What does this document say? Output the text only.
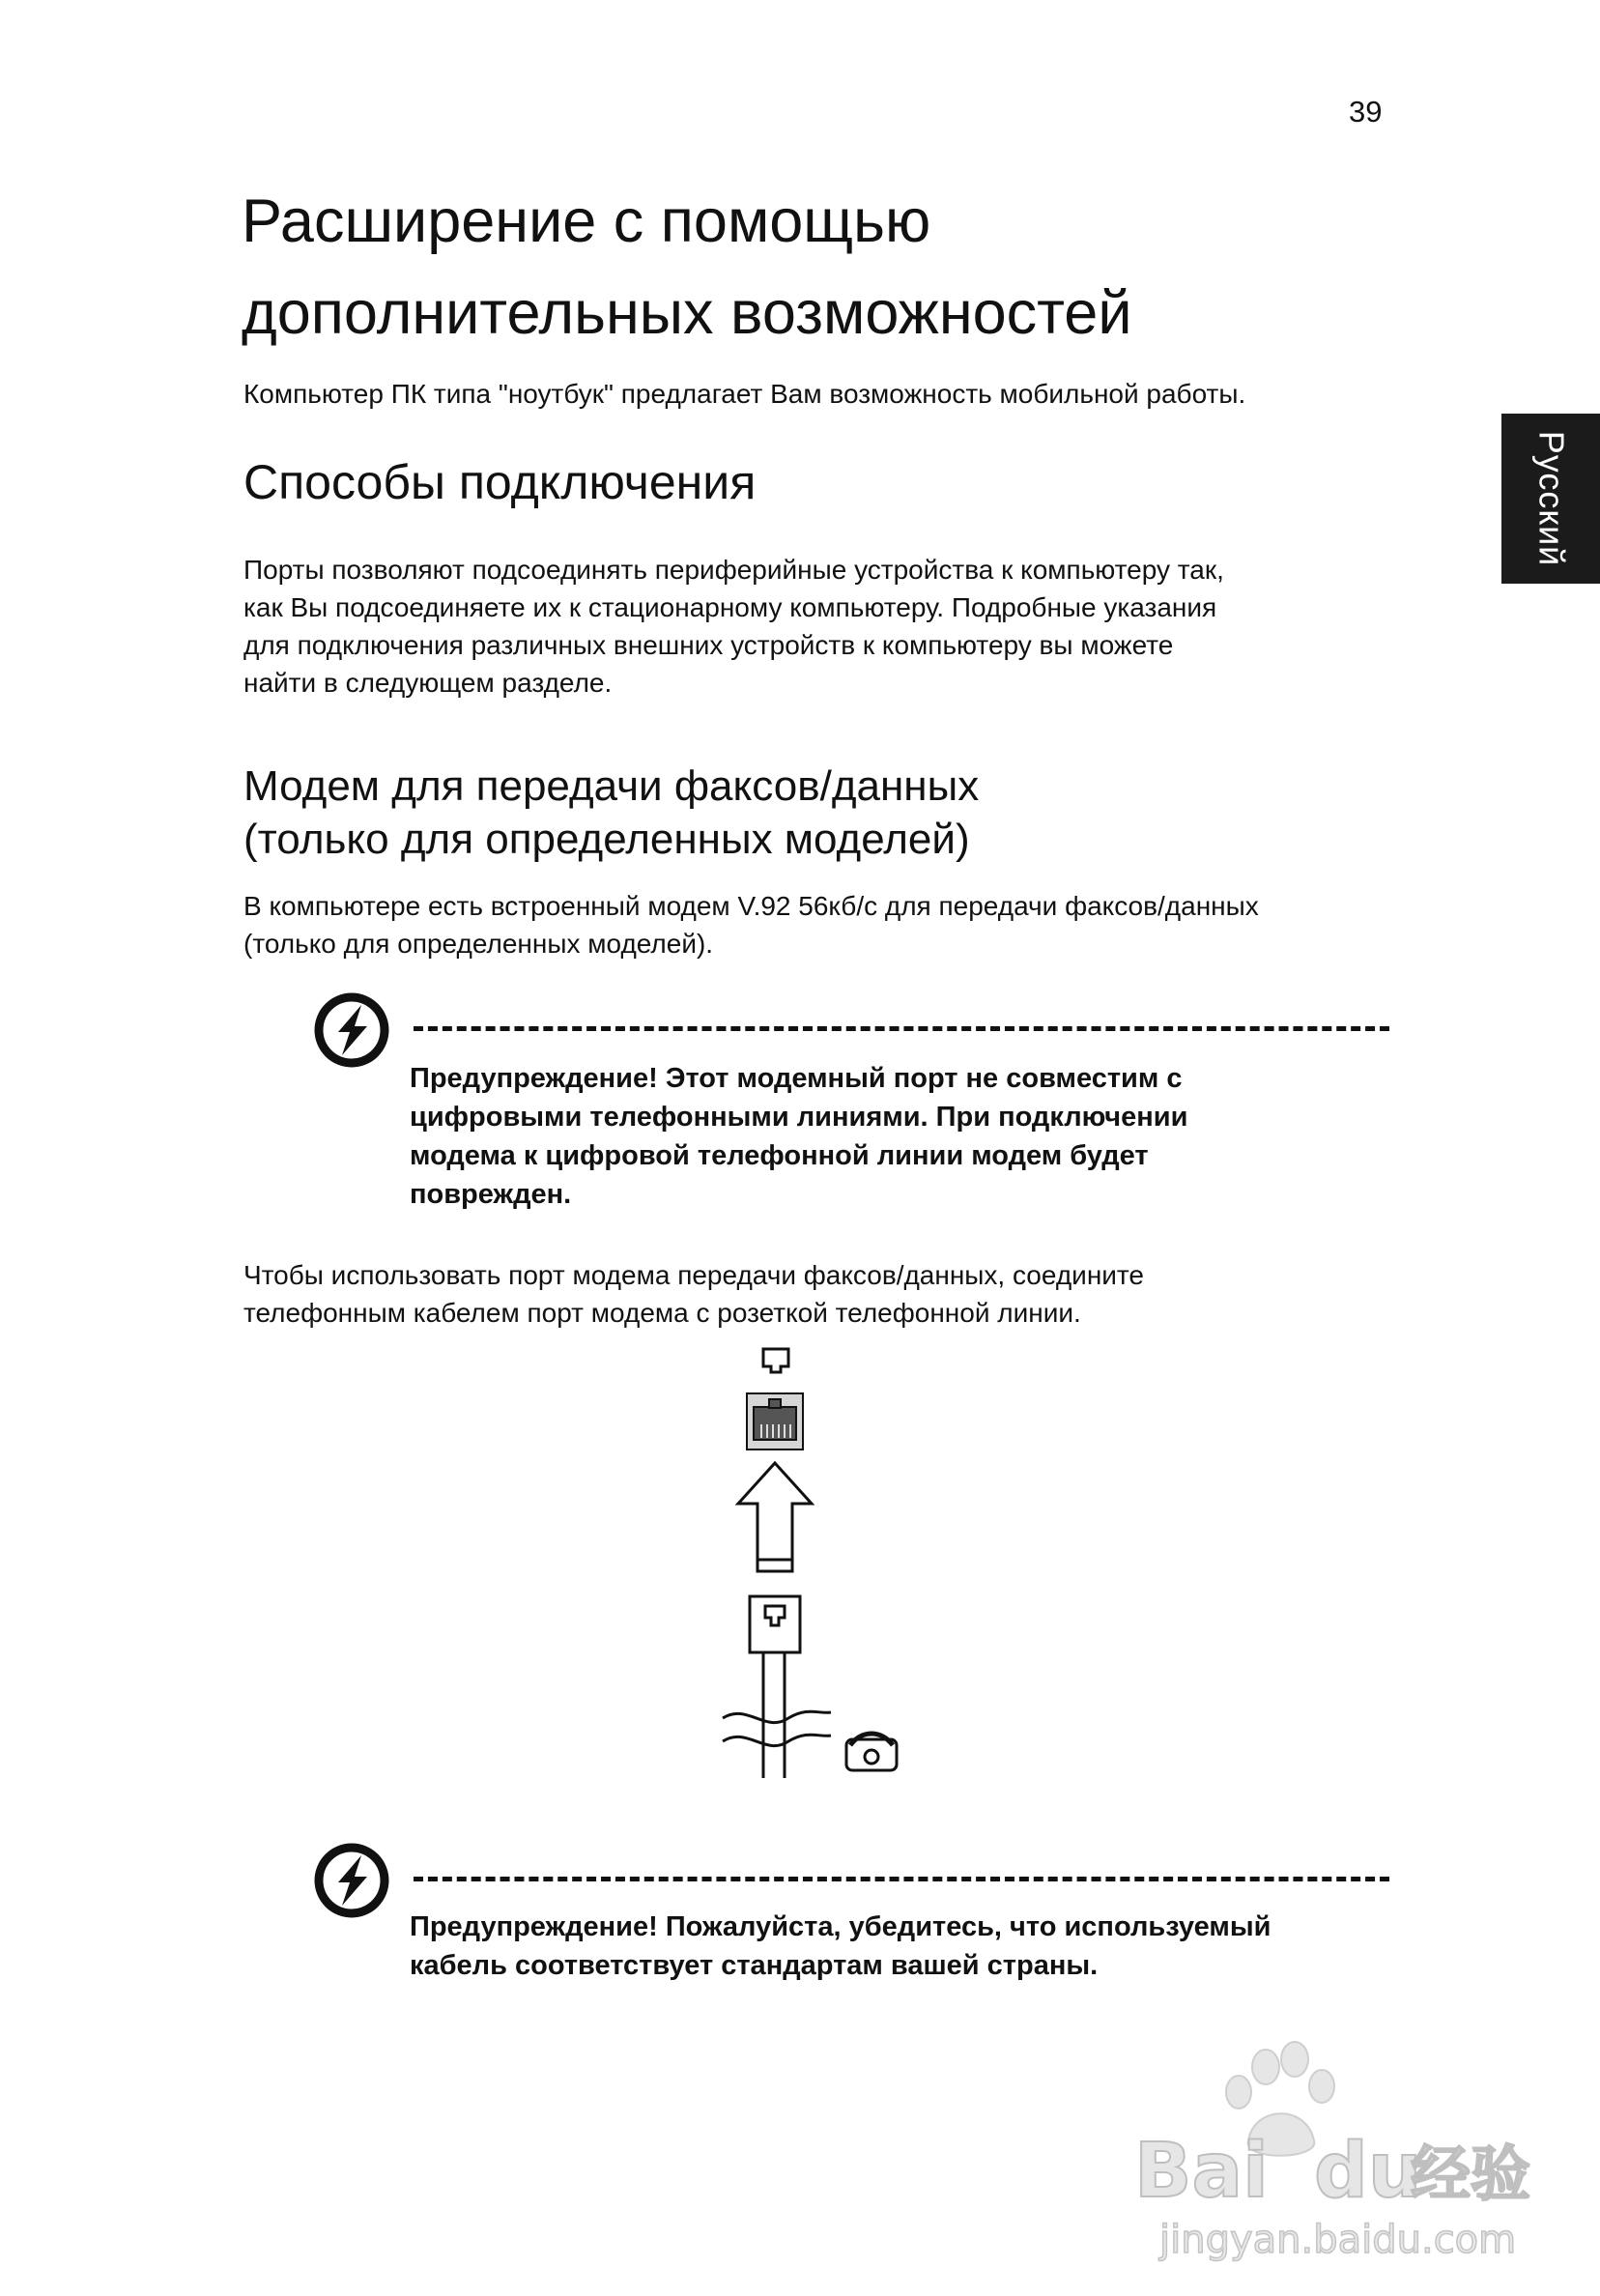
39
Русский
Расширение с помощью
дополнительных возможностей

Компьютер ПК типа "ноутбук" предлагает Вам возможность мобильной работы.

Способы подключения

Порты позволяют подсоединять периферийные устройства к компьютеру так,
как Вы подсоединяете их к стационарному компьютеру. Подробные указания
для подключения различных внешних устройств к компьютеру вы можете
найти в следующем разделе.

Модем для передачи факсов/данных
(только для определенных моделей)

В компьютере есть встроенный модем V.92 56кб/с для передачи факсов/данных
(только для определенных моделей).

Предупреждение! Этот модемный порт не совместим с
цифровыми телефонными линиями. При подключении
модема к цифровой телефонной линии модем будет
поврежден.

Чтобы использовать порт модема передачи факсов/данных, соедините
телефонным кабелем порт модема с розеткой телефонной линии.

Предупреждение! Пожалуйста, убедитесь, что используемый
кабель соответствует стандартам вашей страны.

Bai du
经验
jingyan.baidu.com
